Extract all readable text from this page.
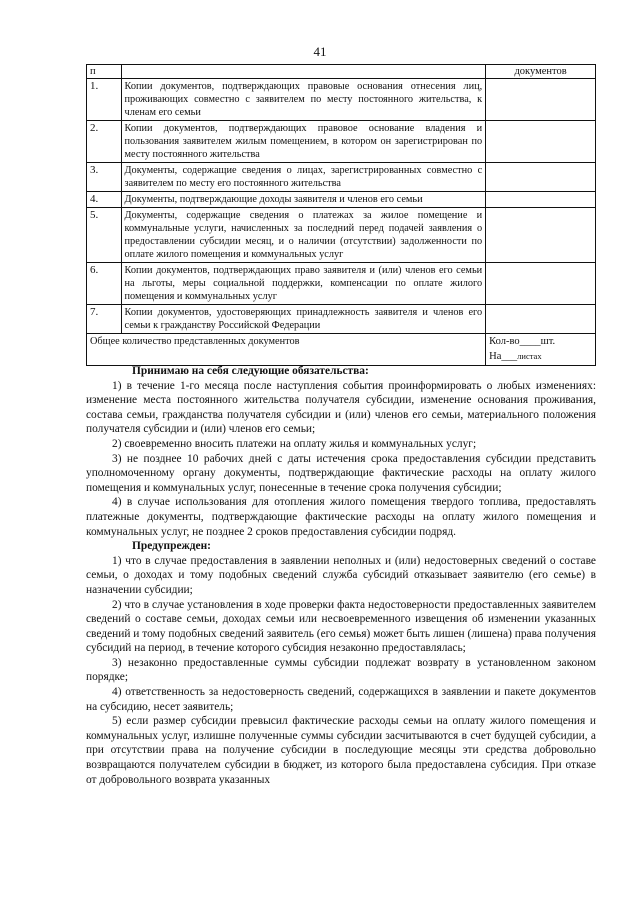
41
п		документов
1.	Копии документов, подтверждающих правовые основания отнесения лиц, проживающих совместно с заявителем по месту постоянного жительства, к членам его семьи	
2.	Копии документов, подтверждающих правовое основание владения и пользования заявителем жилым помещением, в котором он зарегистрирован по месту постоянного жительства	
3.	Документы, содержащие сведения о лицах, зарегистрированных совместно с заявителем по месту его постоянного жительства	
4.	Документы, подтверждающие доходы заявителя и членов его семьи	
5.	Документы, содержащие сведения о платежах за жилое помещение и коммунальные услуги, начисленных за последний перед подачей заявления о предоставлении субсидии месяц, и о наличии (отсутствии) задолженности по оплате жилого помещения и коммунальных услуг	
6.	Копии документов, подтверждающих право заявителя и (или) членов его семьи на льготы, меры социальной поддержки, компенсации по оплате жилого помещения и коммунальных услуг	
7.	Копии документов, удостоверяющих принадлежность заявителя и членов его семьи к гражданству Российской Федерации	
Общее количество представленных документов		Кол-во____шт.
На___листах

Принимаю на себя следующие обязательства:

1) в течение 1-го месяца после наступления события проинформировать о любых изменениях: изменение места постоянного жительства получателя субсидии, изменение основания проживания, состава семьи, гражданства получателя субсидии и (или) членов его семьи, материального положения получателя субсидии и (или) членов его семьи;

2) своевременно вносить платежи на оплату жилья и коммунальных услуг;

3) не позднее 10 рабочих дней с даты истечения срока предоставления субсидии представить уполномоченному органу документы, подтверждающие фактические расходы на оплату жилого помещения и коммунальных услуг, понесенные в течение срока получения субсидии;

4) в случае использования для отопления жилого помещения твердого топлива, предоставлять платежные документы, подтверждающие фактические расходы на оплату жилого помещения и коммунальных услуг, не позднее 2 сроков предоставления субсидии подряд.

Предупрежден:

1) что в случае предоставления в заявлении неполных и (или) недостоверных сведений о составе семьи, о доходах и тому подобных сведений служба субсидий отказывает заявителю (его семье) в назначении субсидии;

2) что в случае установления в ходе проверки факта недостоверности предоставленных заявителем сведений о составе семьи, доходах семьи или несвоевременного извещения об изменении указанных сведений и тому подобных сведений заявитель (его семья) может быть лишен (лишена) права получения субсидий на период, в течение которого субсидия незаконно предоставлялась;

3) незаконно предоставленные суммы субсидии подлежат возврату в установленном законом порядке;

4) ответственность за недостоверность сведений, содержащихся в заявлении и пакете документов на субсидию, несет заявитель;

5) если размер субсидии превысил фактические расходы семьи на оплату жилого помещения и коммунальных услуг, излишне полученные суммы субсидии засчитываются в счет будущей субсидии, а при отсутствии права на получение субсидии в последующие месяцы эти средства добровольно возвращаются получателем субсидии в бюджет, из которого была предоставлена субсидия. При отказе от добровольного возврата указанных
